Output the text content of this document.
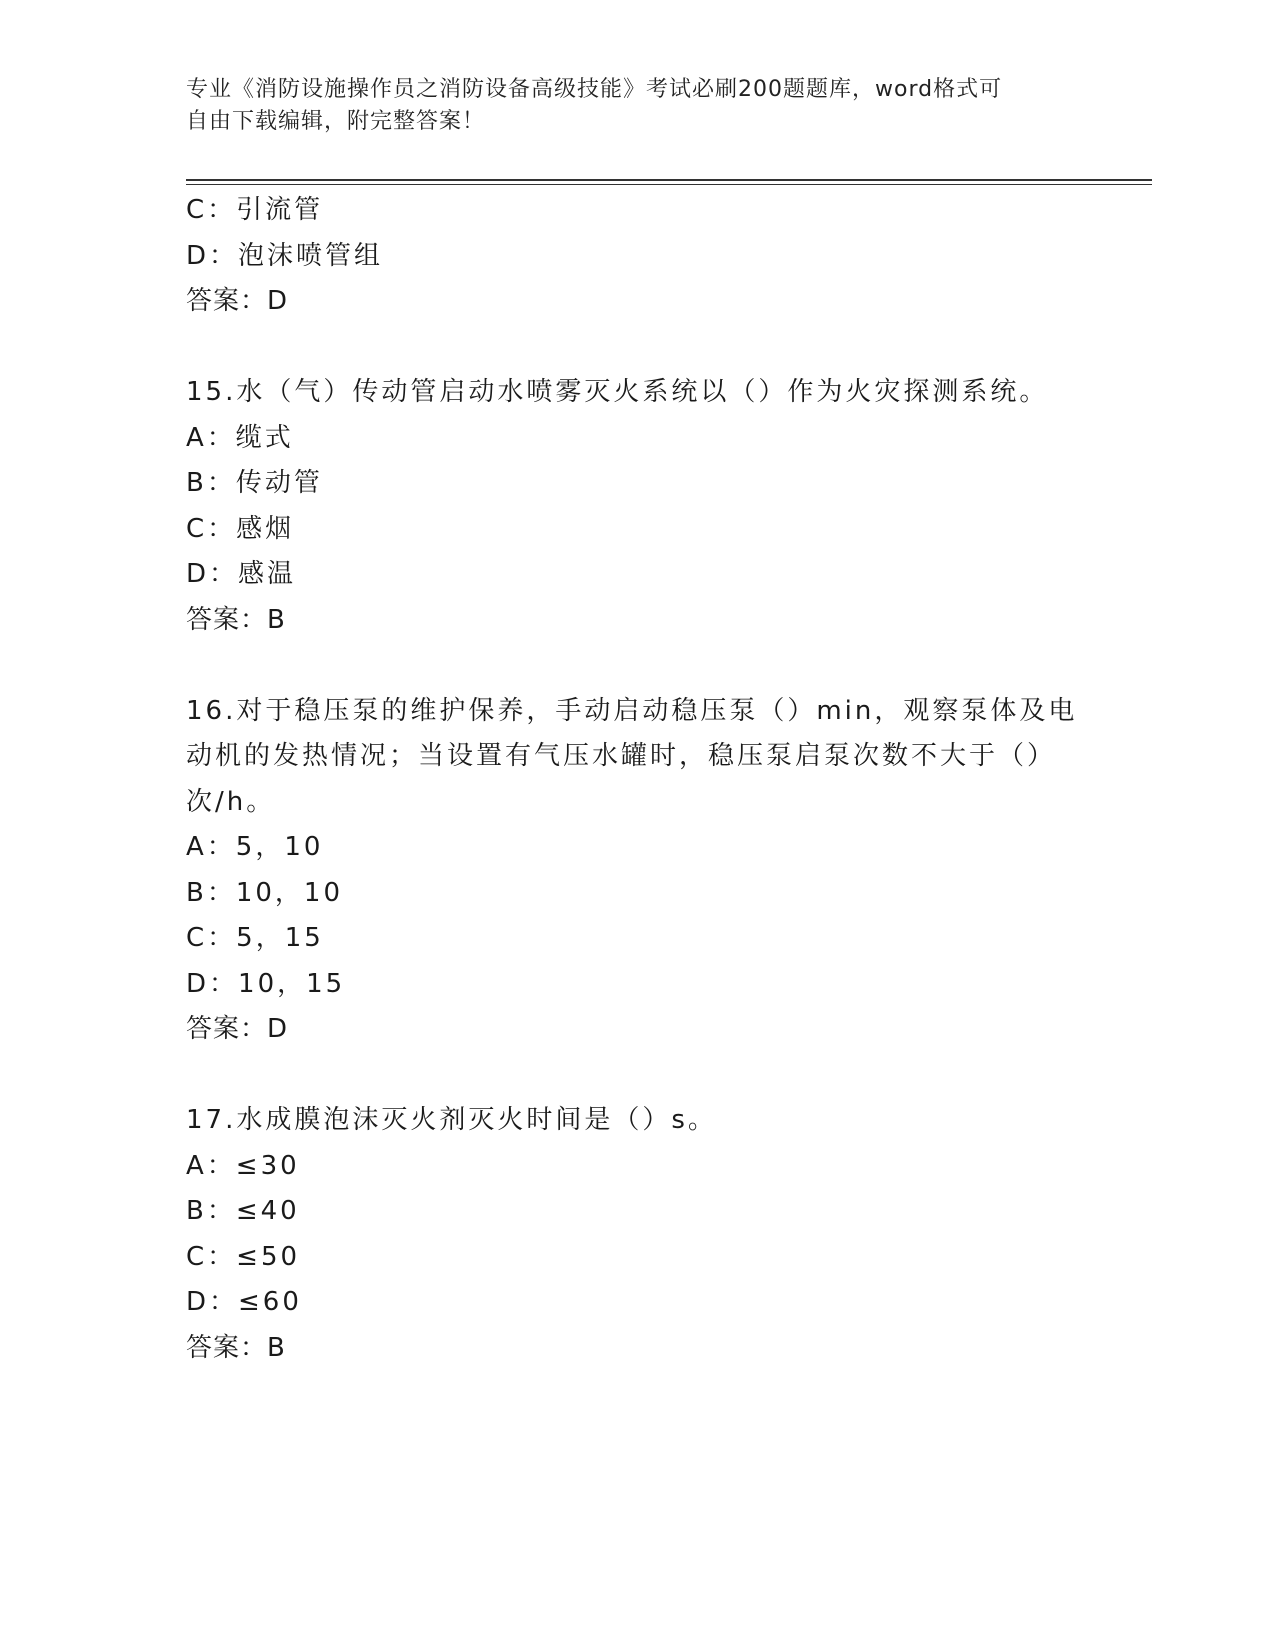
专业《消防设施操作员之消防设备高级技能》考试必刷200题题库，word格式可
自由下载编辑，附完整答案！
C：引流管
D：泡沫喷管组
答案：D
15.水（气）传动管启动水喷雾灭火系统以（）作为火灾探测系统。
A：缆式
B：传动管
C：感烟
D：感温
答案：B
16.对于稳压泵的维护保养，手动启动稳压泵（）min，观察泵体及电
动机的发热情况；当设置有气压水罐时，稳压泵启泵次数不大于（）
次/h。
A：5，10
B：10，10
C：5，15
D：10，15
答案：D
17.水成膜泡沫灭火剂灭火时间是（）s。
A：≤30
B：≤40
C：≤50
D：≤60
答案：B
